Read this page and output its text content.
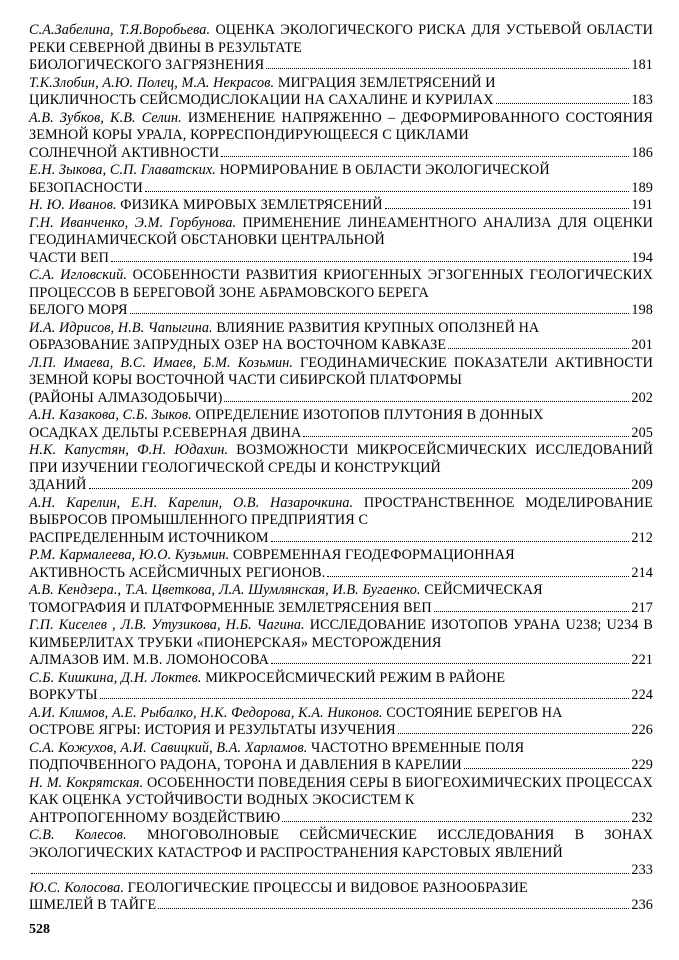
С.А.Забелина, Т.Я.Воробьева. ОЦЕНКА ЭКОЛОГИЧЕСКОГО РИСКА ДЛЯ УСТЬЕВОЙ ОБЛАСТИ РЕКИ СЕВЕРНОЙ ДВИНЫ В РЕЗУЛЬТАТЕ
БИОЛОГИЧЕСКОГО ЗАГРЯЗНЕНИЯ	181
Т.К.Злобин, А.Ю. Полец, М.А. Некрасов. МИГРАЦИЯ ЗЕМЛЕТРЯСЕНИЙ И
ЦИКЛИЧНОСТЬ СЕЙСМОДИСЛОКАЦИИ НА САХАЛИНЕ И КУРИЛАХ	183
А.В. Зубков, К.В. Селин. ИЗМЕНЕНИЕ НАПРЯЖЕННО – ДЕФОРМИРОВАННОГО СОСТОЯНИЯ ЗЕМНОЙ КОРЫ УРАЛА, КОРРЕСПОНДИРУЮЩЕЕСЯ С ЦИКЛАМИ
СОЛНЕЧНОЙ АКТИВНОСТИ	186
Е.Н. Зыкова, С.П. Главатских. НОРМИРОВАНИЕ В ОБЛАСТИ ЭКОЛОГИЧЕСКОЙ
БЕЗОПАСНОСТИ	189
Н. Ю. Иванов.
ФИЗИКА МИРОВЫХ ЗЕМЛЕТРЯСЕНИЙ	191
Г.Н. Иванченко, Э.М. Горбунова. ПРИМЕНЕНИЕ ЛИНЕАМЕНТНОГО АНАЛИЗА ДЛЯ ОЦЕНКИ ГЕОДИНАМИЧЕСКОЙ ОБСТАНОВКИ ЦЕНТРАЛЬНОЙ
ЧАСТИ ВЕП	194
С.А. Игловский. ОСОБЕННОСТИ РАЗВИТИЯ КРИОГЕННЫХ ЭГЗОГЕННЫХ ГЕОЛОГИЧЕСКИХ ПРОЦЕССОВ В БЕРЕГОВОЙ ЗОНЕ АБРАМОВСКОГО БЕРЕГА
БЕЛОГО МОРЯ	198
И.А. Идрисов, Н.В. Чапыгина. ВЛИЯНИЕ РАЗВИТИЯ КРУПНЫХ ОПОЛЗНЕЙ НА
ОБРАЗОВАНИЕ ЗАПРУДНЫХ ОЗЕР НА ВОСТОЧНОМ КАВКАЗЕ	201
Л.П. Имаева, В.С. Имаев, Б.М. Козьмин. ГЕОДИНАМИЧЕСКИЕ ПОКАЗАТЕЛИ АКТИВНОСТИ ЗЕМНОЙ КОРЫ ВОСТОЧНОЙ ЧАСТИ СИБИРСКОЙ ПЛАТФОРМЫ
(РАЙОНЫ АЛМАЗОДОБЫЧИ)	202
А.Н. Казакова, С.Б. Зыков. ОПРЕДЕЛЕНИЕ ИЗОТОПОВ ПЛУТОНИЯ В ДОННЫХ
ОСАДКАХ ДЕЛЬТЫ Р.СЕВЕРНАЯ ДВИНА	205
Н.К. Капустян, Ф.Н. Юдахин. ВОЗМОЖНОСТИ МИКРОСЕЙСМИЧЕСКИХ ИССЛЕДОВАНИЙ ПРИ ИЗУЧЕНИИ ГЕОЛОГИЧЕСКОЙ СРЕДЫ И КОНСТРУКЦИЙ
ЗДАНИЙ	209
А.Н. Карелин, Е.Н. Карелин, О.В. Назарочкина. ПРОСТРАНСТВЕННОЕ МОДЕЛИРОВАНИЕ ВЫБРОСОВ ПРОМЫШЛЕННОГО ПРЕДПРИЯТИЯ С
РАСПРЕДЕЛЕННЫМ ИСТОЧНИКОМ	212
Р.М. Кармалеева, Ю.О. Кузьмин. СОВРЕМЕННАЯ ГЕОДЕФОРМАЦИОННАЯ
АКТИВНОСТЬ АСЕЙСМИЧНЫХ РЕГИОНОВ.	214
А.В. Кендзера., Т.А. Цветкова, Л.А. Шумлянская, И.В. Бугаенко. СЕЙСМИЧЕСКАЯ
ТОМОГРАФИЯ И ПЛАТФОРМЕННЫЕ ЗЕМЛЕТРЯСЕНИЯ ВЕП	217
Г.П. Киселев , Л.В. Утузикова, Н.Б. Чагина. ИССЛЕДОВАНИЕ ИЗОТОПОВ УРАНА U238; U234 В КИМБЕРЛИТАХ ТРУБКИ «ПИОНЕРСКАЯ» МЕСТОРОЖДЕНИЯ
АЛМАЗОВ ИМ. М.В. ЛОМОНОСОВА	221
С.Б. Кишкина, Д.Н. Локтев. МИКРОСЕЙСМИЧЕСКИЙ РЕЖИМ В РАЙОНЕ
ВОРКУТЫ	224
А.И. Климов, А.Е. Рыбалко, Н.К. Федорова, К.А. Никонов. СОСТОЯНИЕ БЕРЕГОВ НА
ОСТРОВЕ ЯГРЫ: ИСТОРИЯ И РЕЗУЛЬТАТЫ ИЗУЧЕНИЯ	226
С.А. Кожухов, А.И. Савицкий, В.А. Харламов. ЧАСТОТНО ВРЕМЕННЫЕ ПОЛЯ
ПОДПОЧВЕННОГО РАДОНА, ТОРОНА И ДАВЛЕНИЯ В КАРЕЛИИ	229
Н. М. Кокрятская. ОСОБЕННОСТИ ПОВЕДЕНИЯ СЕРЫ В БИОГЕОХИМИЧЕСКИХ ПРОЦЕССАХ КАК ОЦЕНКА УСТОЙЧИВОСТИ ВОДНЫХ ЭКОСИСТЕМ К
АНТРОПОГЕННОМУ ВОЗДЕЙСТВИЮ	232
С.В. Колесов. МНОГОВОЛНОВЫЕ СЕЙСМИЧЕСКИЕ ИССЛЕДОВАНИЯ В ЗОНАХ ЭКОЛОГИЧЕСКИХ КАТАСТРОФ И РАСПРОСТРАНЕНИЯ КАРСТОВЫХ ЯВЛЕНИЙ
233
Ю.С. Колосова. ГЕОЛОГИЧЕСКИЕ ПРОЦЕССЫ И ВИДОВОЕ РАЗНООБРАЗИЕ
ШМЕЛЕЙ В ТАЙГЕ	236
528
